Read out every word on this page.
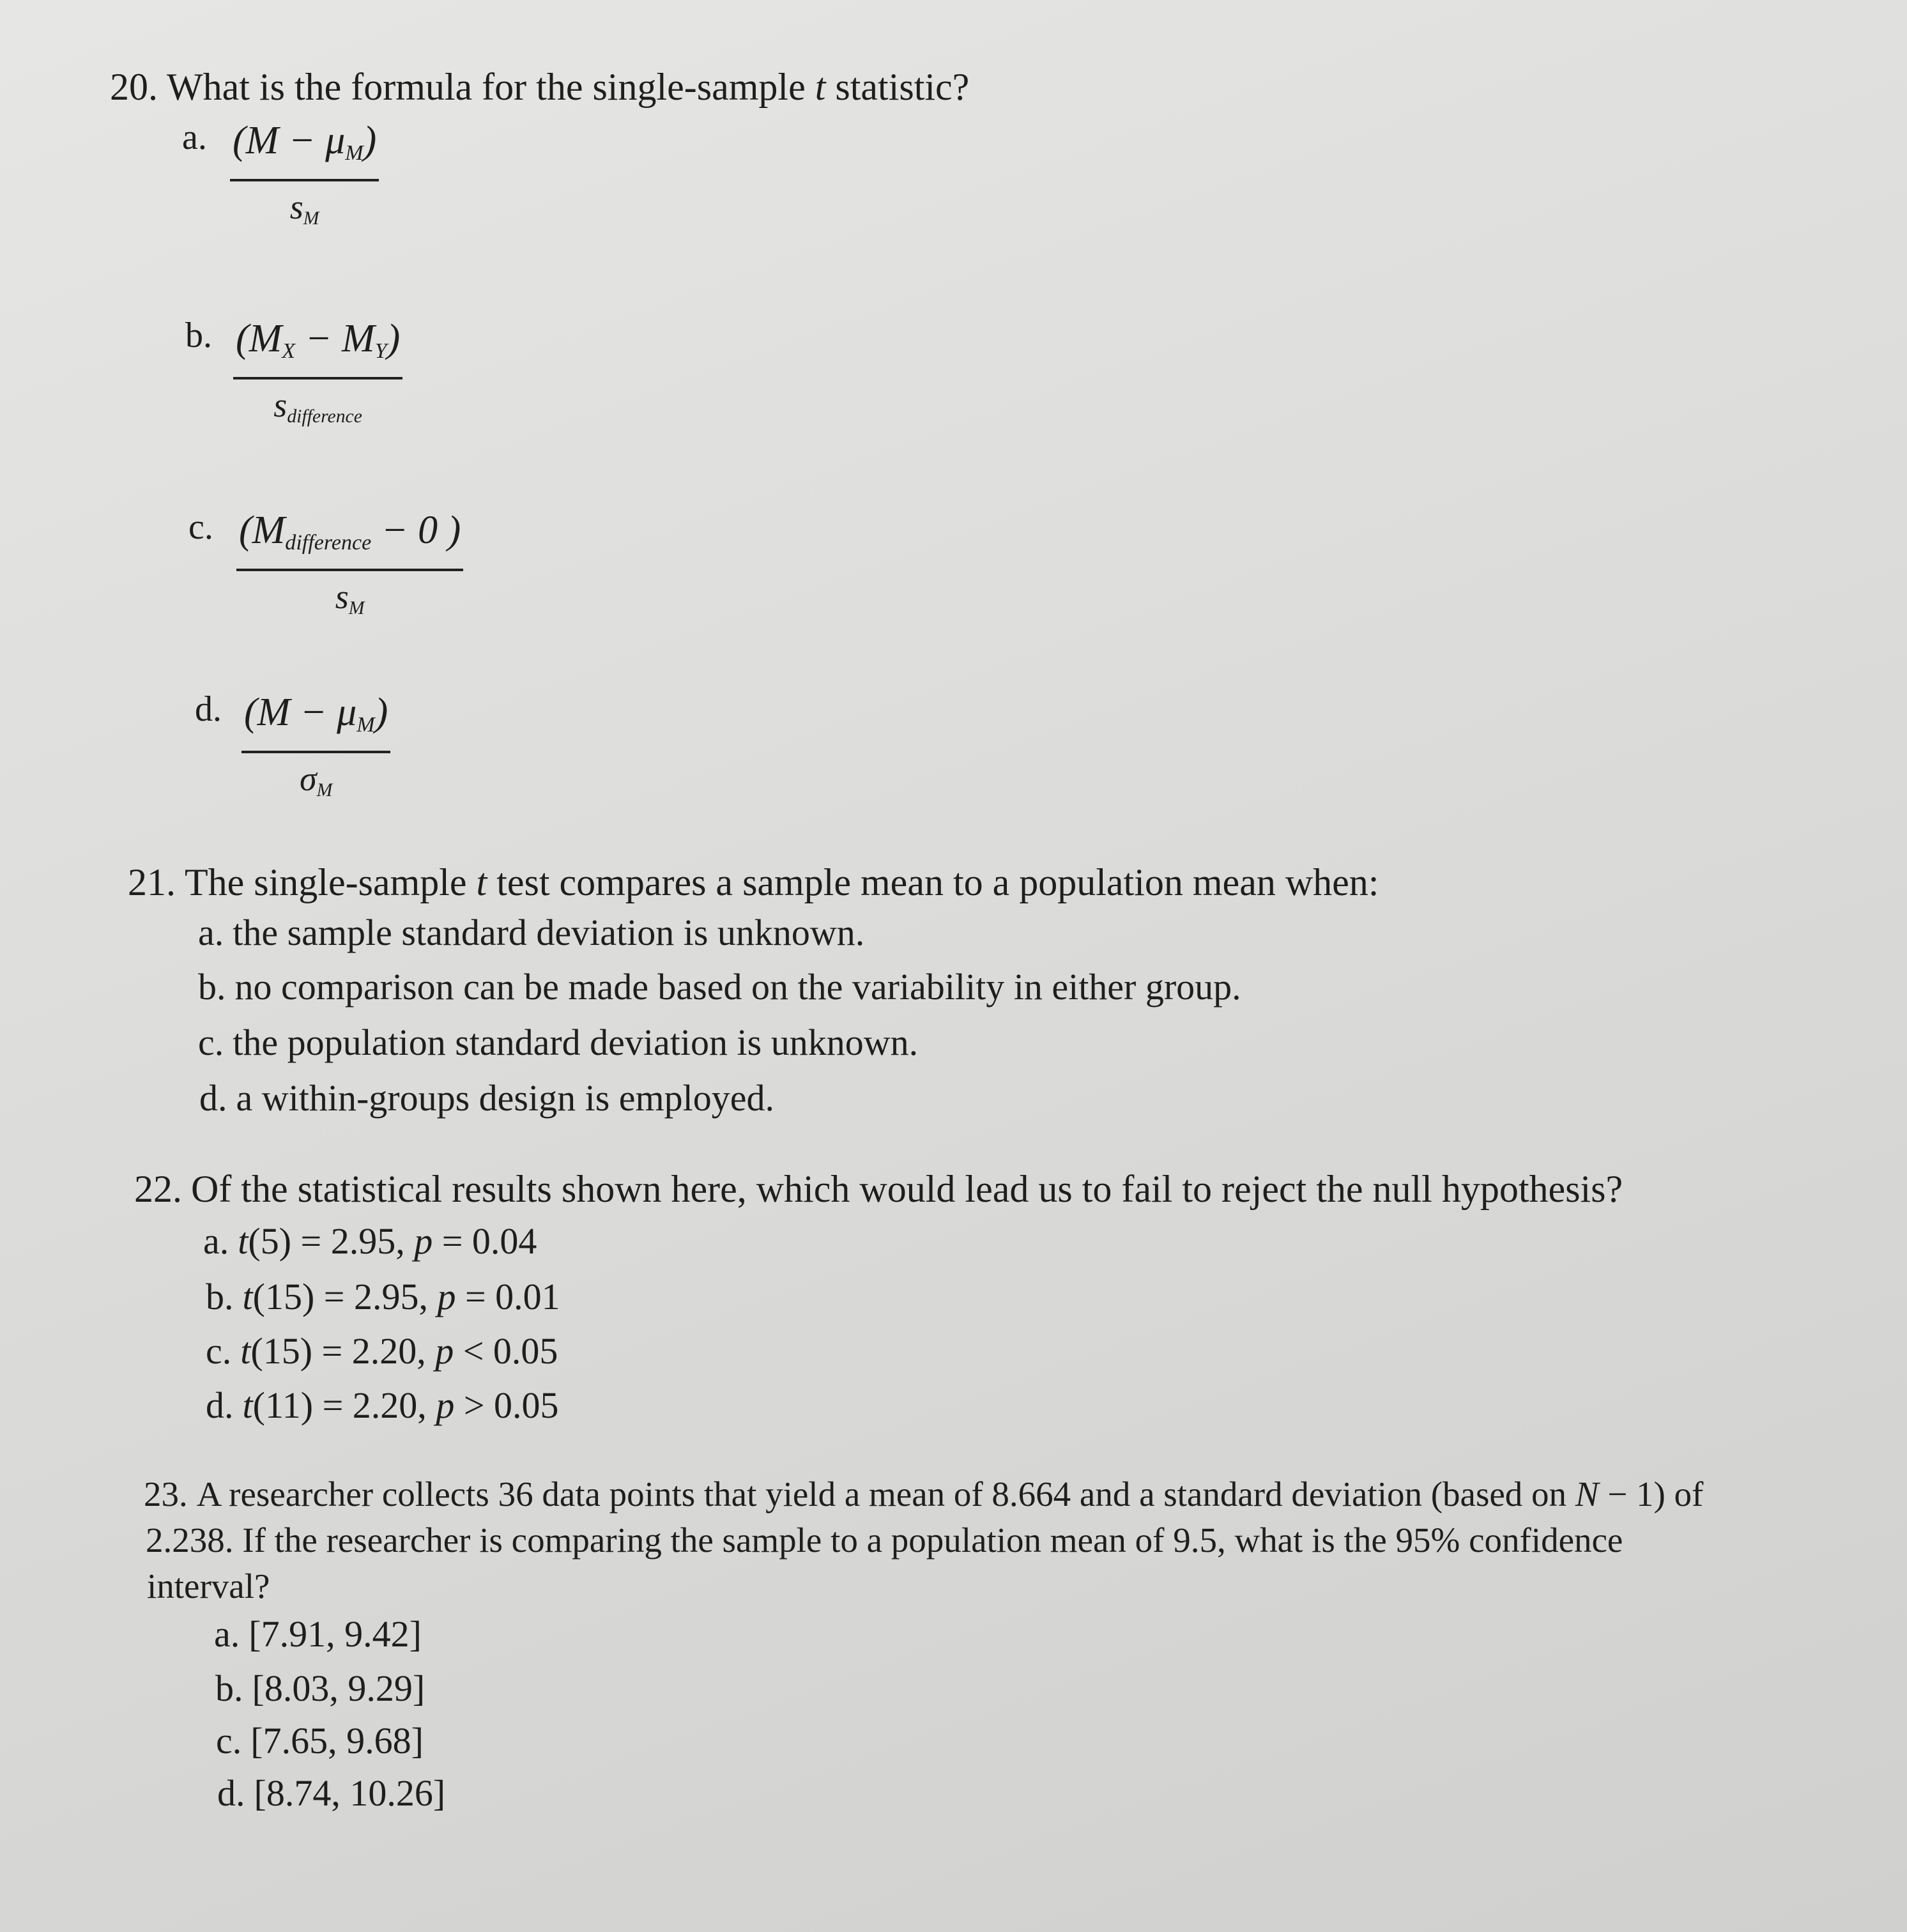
20. What is the formula for the single-sample t statistic?
a. $\frac{(M - \mu_M)}{s_M}$
b. $(M_X - M_Y)$
$s_{difference}$
c. ($M_{difference} - 0$ )
$s_M$
d. $\frac{(M - \mu_M)}{\sigma_M}$
21. The single-sample t test compares a sample mean to a population mean when:
a. the sample standard deviation is unknown.
b. no comparison can be made based on the variability in either group.
c. the population standard deviation is unknown.
d. a within-groups design is employed.
22. Of the statistical results shown here, which would lead us to fail to reject the null hypothesis?
a. t(5) = 2.95, p = 0.04
b. t(15) = 2.95, p = 0.01
c. t(15) = 2.20, p < 0.05
d. t(11) = 2.20, p > 0.05
23. A researcher collects 36 data points that yield a mean of 8.664 and a standard deviation (based on N − 1) of
2.238. If the researcher is comparing the sample to a population mean of 9.5, what is the 95% confidence
interval?
a. [7.91, 9.42]
b. [8.03, 9.29]
c. [7.65, 9.68]
d. [8.74, 10.26]
